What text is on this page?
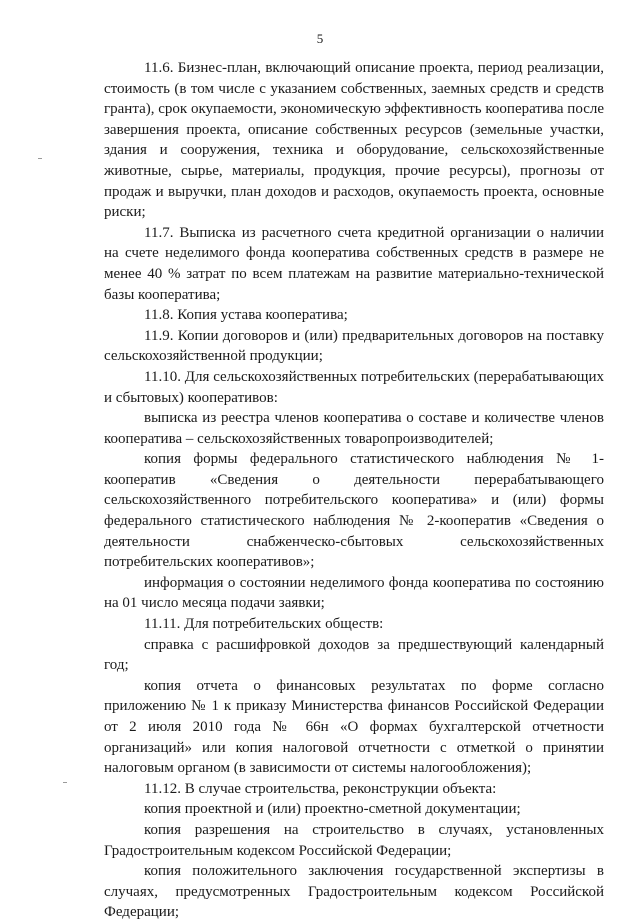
5

11.6. Бизнес-план, включающий описание проекта, период реализации, стоимость (в том числе с указанием собственных, заемных средств и средств гранта), срок окупаемости, экономическую эффективность кооператива после завершения проекта, описание собственных ресурсов (земельные участки, здания и сооружения, техника и оборудование, сельскохозяйственные животные, сырье, материалы, продукция, прочие ресурсы), прогнозы от продаж и выручки, план доходов и расходов, окупаемость проекта, основные риски;

11.7. Выписка из расчетного счета кредитной организации о наличии на счете неделимого фонда кооператива собственных средств в размере не менее 40 % затрат по всем платежам на развитие материально-технической базы кооператива;

11.8. Копия устава кооператива;

11.9. Копии договоров и (или) предварительных договоров на поставку сельскохозяйственной продукции;

11.10. Для сельскохозяйственных потребительских (перерабатывающих и сбытовых) кооперативов:

выписка из реестра членов кооператива о составе и количестве членов кооператива – сельскохозяйственных товаропроизводителей;

копия формы федерального статистического наблюдения № 1-кооператив «Сведения о деятельности перерабатывающего сельскохозяйственного потребительского кооператива» и (или) формы федерального статистического наблюдения № 2-кооператив «Сведения о деятельности снабженческо-сбытовых сельскохозяйственных потребительских кооперативов»;

информация о состоянии неделимого фонда кооператива по состоянию на 01 число месяца подачи заявки;

11.11. Для потребительских обществ:

справка с расшифровкой доходов за предшествующий календарный год;

копия отчета о финансовых результатах по форме согласно приложению № 1 к приказу Министерства финансов Российской Федерации от 2 июля 2010 года № 66н «О формах бухгалтерской отчетности организаций» или копия налоговой отчетности с отметкой о принятии налоговым органом (в зависимости от системы налогообложения);

11.12. В случае строительства, реконструкции объекта:

копия проектной и (или) проектно-сметной документации;

копия разрешения на строительство в случаях, установленных Градостроительным кодексом Российской Федерации;

копия положительного заключения государственной экспертизы в случаях, предусмотренных Градостроительным кодексом Российской Федерации;
